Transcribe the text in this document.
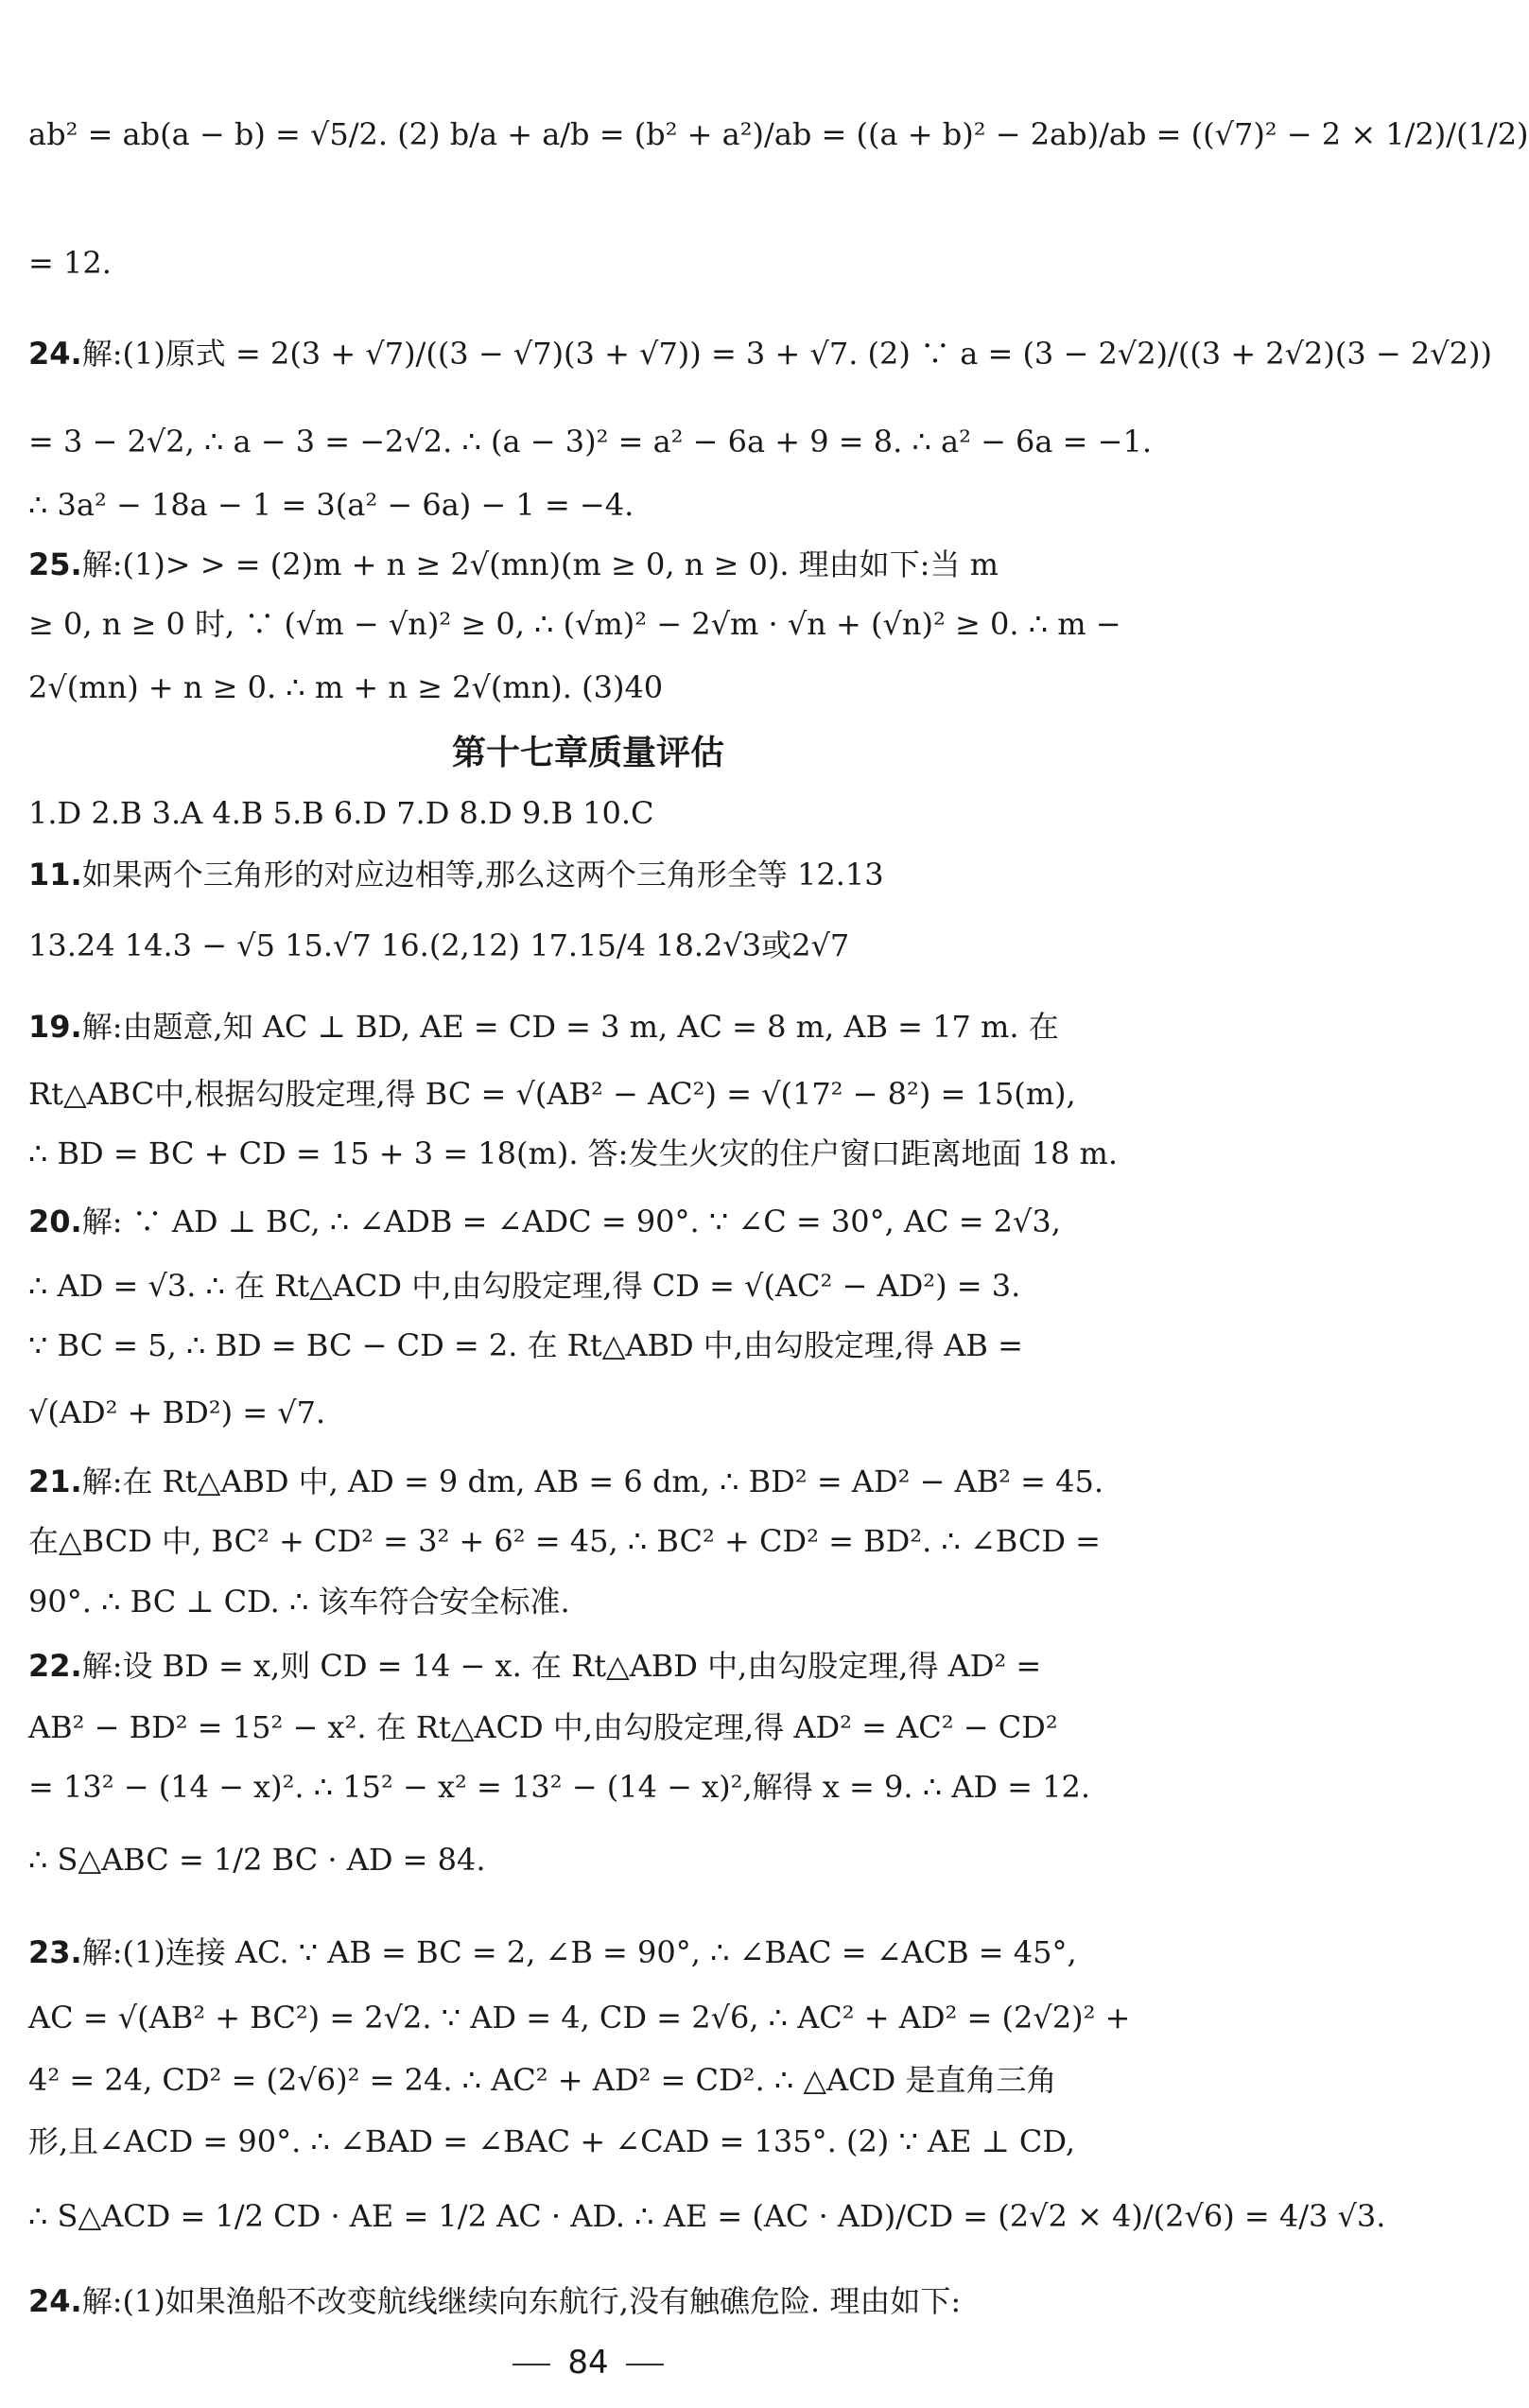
ab² = ab(a − b) = √5/2. (2) b/a + a/b = (b² + a²)/ab = ((a + b)² − 2ab)/ab = ((√7)² − 2 × 1/2)/(1/2)
= 12.
24.解:(1)原式 = 2(3 + √7)/((3 − √7)(3 + √7)) = 3 + √7. (2) ∵ a = (3 − 2√2)/((3 + 2√2)(3 − 2√2))
= 3 − 2√2, ∴ a − 3 = −2√2. ∴ (a − 3)² = a² − 6a + 9 = 8. ∴ a² − 6a = −1.
∴ 3a² − 18a − 1 = 3(a² − 6a) − 1 = −4.
25.解:(1)> > = (2)m + n ≥ 2√(mn)(m ≥ 0, n ≥ 0). 理由如下:当 m
≥ 0, n ≥ 0 时, ∵ (√m − √n)² ≥ 0, ∴ (√m)² − 2√m · √n + (√n)² ≥ 0. ∴ m −
2√(mn) + n ≥ 0. ∴ m + n ≥ 2√(mn). (3)40
第十七章质量评估
1.D 2.B 3.A 4.B 5.B 6.D 7.D 8.D 9.B 10.C
11.如果两个三角形的对应边相等,那么这两个三角形全等 12.13
13.24 14.3 − √5 15.√7 16.(2,12) 17.15/4 18.2√3或2√7
19.解:由题意,知 AC ⊥ BD, AE = CD = 3 m, AC = 8 m, AB = 17 m. 在
Rt△ABC中,根据勾股定理,得 BC = √(AB² − AC²) = √(17² − 8²) = 15(m),
∴ BD = BC + CD = 15 + 3 = 18(m). 答:发生火灾的住户窗口距离地面 18 m.
20.解: ∵ AD ⊥ BC, ∴ ∠ADB = ∠ADC = 90°. ∵ ∠C = 30°, AC = 2√3,
∴ AD = √3. ∴ 在 Rt△ACD 中,由勾股定理,得 CD = √(AC² − AD²) = 3.
∵ BC = 5, ∴ BD = BC − CD = 2. 在 Rt△ABD 中,由勾股定理,得 AB =
√(AD² + BD²) = √7.
21.解:在 Rt△ABD 中, AD = 9 dm, AB = 6 dm, ∴ BD² = AD² − AB² = 45.
在△BCD 中, BC² + CD² = 3² + 6² = 45, ∴ BC² + CD² = BD². ∴ ∠BCD =
90°. ∴ BC ⊥ CD. ∴ 该车符合安全标准.
22.解:设 BD = x,则 CD = 14 − x. 在 Rt△ABD 中,由勾股定理,得 AD² =
AB² − BD² = 15² − x². 在 Rt△ACD 中,由勾股定理,得 AD² = AC² − CD²
= 13² − (14 − x)². ∴ 15² − x² = 13² − (14 − x)²,解得 x = 9. ∴ AD = 12.
∴ S△ABC = 1/2 BC · AD = 84.
23.解:(1)连接 AC. ∵ AB = BC = 2, ∠B = 90°, ∴ ∠BAC = ∠ACB = 45°,
AC = √(AB² + BC²) = 2√2. ∵ AD = 4, CD = 2√6, ∴ AC² + AD² = (2√2)² +
4² = 24, CD² = (2√6)² = 24. ∴ AC² + AD² = CD². ∴ △ACD 是直角三角
形,且∠ACD = 90°. ∴ ∠BAD = ∠BAC + ∠CAD = 135°. (2) ∵ AE ⊥ CD,
∴ S△ACD = 1/2 CD · AE = 1/2 AC · AD. ∴ AE = (AC · AD)/CD = (2√2 × 4)/(2√6) = 4/3 √3.
24.解:(1)如果渔船不改变航线继续向东航行,没有触礁危险. 理由如下:
84
